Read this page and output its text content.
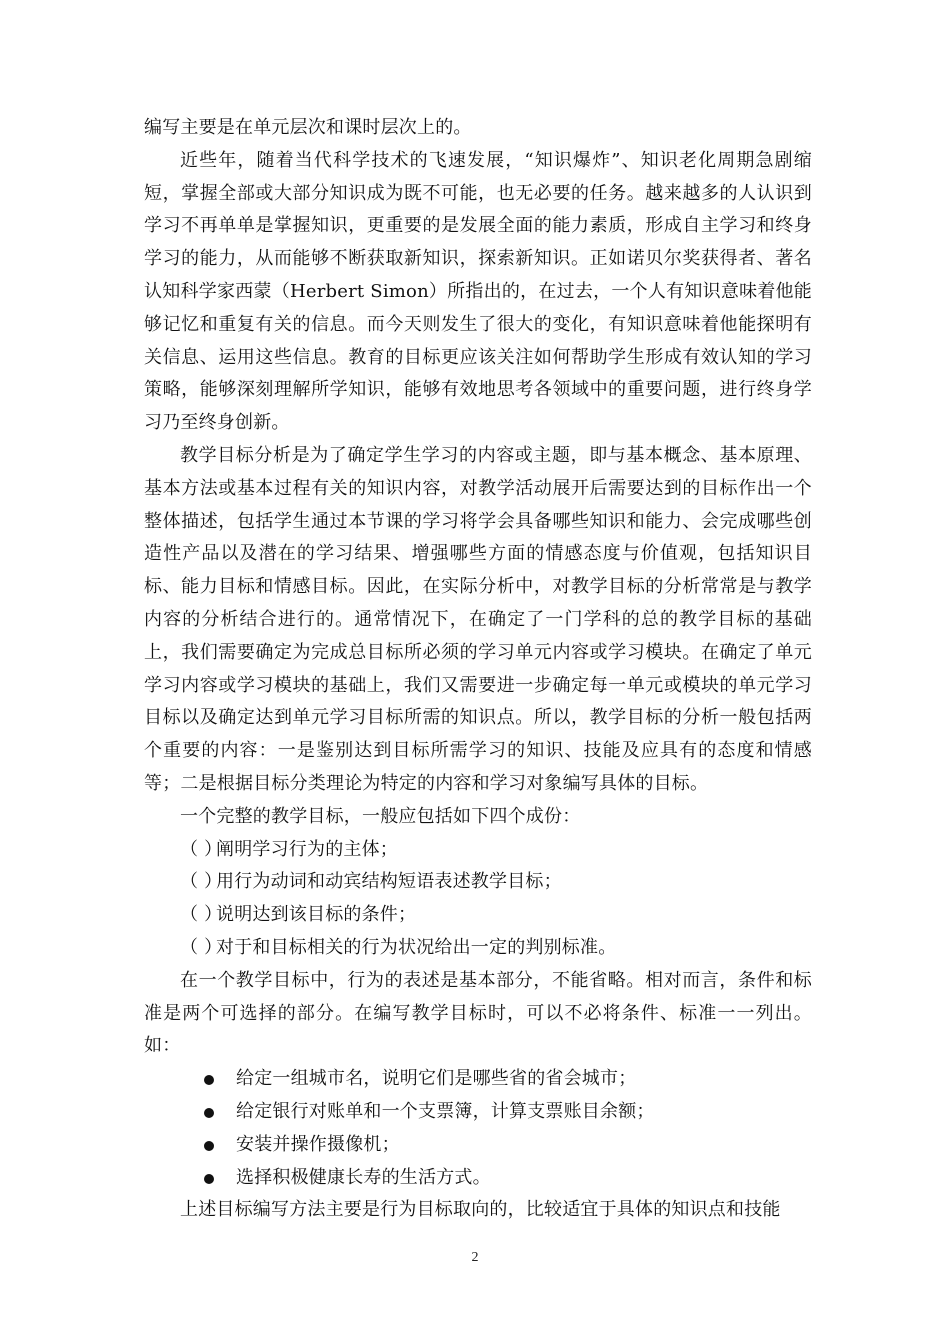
编写主要是在单元层次和课时层次上的。

近些年，随着当代科学技术的飞速发展，“知识爆炸”、知识老化周期急剧缩短，掌握全部或大部分知识成为既不可能，也无必要的任务。越来越多的人认识到学习不再单单是掌握知识，更重要的是发展全面的能力素质，形成自主学习和终身学习的能力，从而能够不断获取新知识，探索新知识。正如诺贝尔奖获得者、著名认知科学家西蒙（Herbert Simon）所指出的，在过去，一个人有知识意味着他能够记忆和重复有关的信息。而今天则发生了很大的变化，有知识意味着他能探明有关信息、运用这些信息。教育的目标更应该关注如何帮助学生形成有效认知的学习策略，能够深刻理解所学知识，能够有效地思考各领域中的重要问题，进行终身学习乃至终身创新。

教学目标分析是为了确定学生学习的内容或主题，即与基本概念、基本原理、基本方法或基本过程有关的知识内容，对教学活动展开后需要达到的目标作出一个整体描述，包括学生通过本节课的学习将学会具备哪些知识和能力、会完成哪些创造性产品以及潜在的学习结果、增强哪些方面的情感态度与价值观，包括知识目标、能力目标和情感目标。因此，在实际分析中，对教学目标的分析常常是与教学内容的分析结合进行的。通常情况下，在确定了一门学科的总的教学目标的基础上，我们需要确定为完成总目标所必须的学习单元内容或学习模块。在确定了单元学习内容或学习模块的基础上，我们又需要进一步确定每一单元或模块的单元学习目标以及确定达到单元学习目标所需的知识点。所以，教学目标的分析一般包括两个重要的内容：一是鉴别达到目标所需学习的知识、技能及应具有的态度和情感等；二是根据目标分类理论为特定的内容和学习对象编写具体的目标。

一个完整的教学目标，一般应包括如下四个成份：

（ ）阐明学习行为的主体；

（ ）用行为动词和动宾结构短语表述教学目标；

（ ）说明达到该目标的条件；

（ ）对于和目标相关的行为状况给出一定的判别标准。

在一个教学目标中，行为的表述是基本部分，不能省略。相对而言，条件和标准是两个可选择的部分。在编写教学目标时，可以不必将条件、标准一一列出。如：

给定一组城市名，说明它们是哪些省的省会城市；
给定银行对账单和一个支票簿，计算支票账目余额；
安装并操作摄像机；
选择积极健康长寿的生活方式。

上述目标编写方法主要是行为目标取向的，比较适宜于具体的知识点和技能

2
